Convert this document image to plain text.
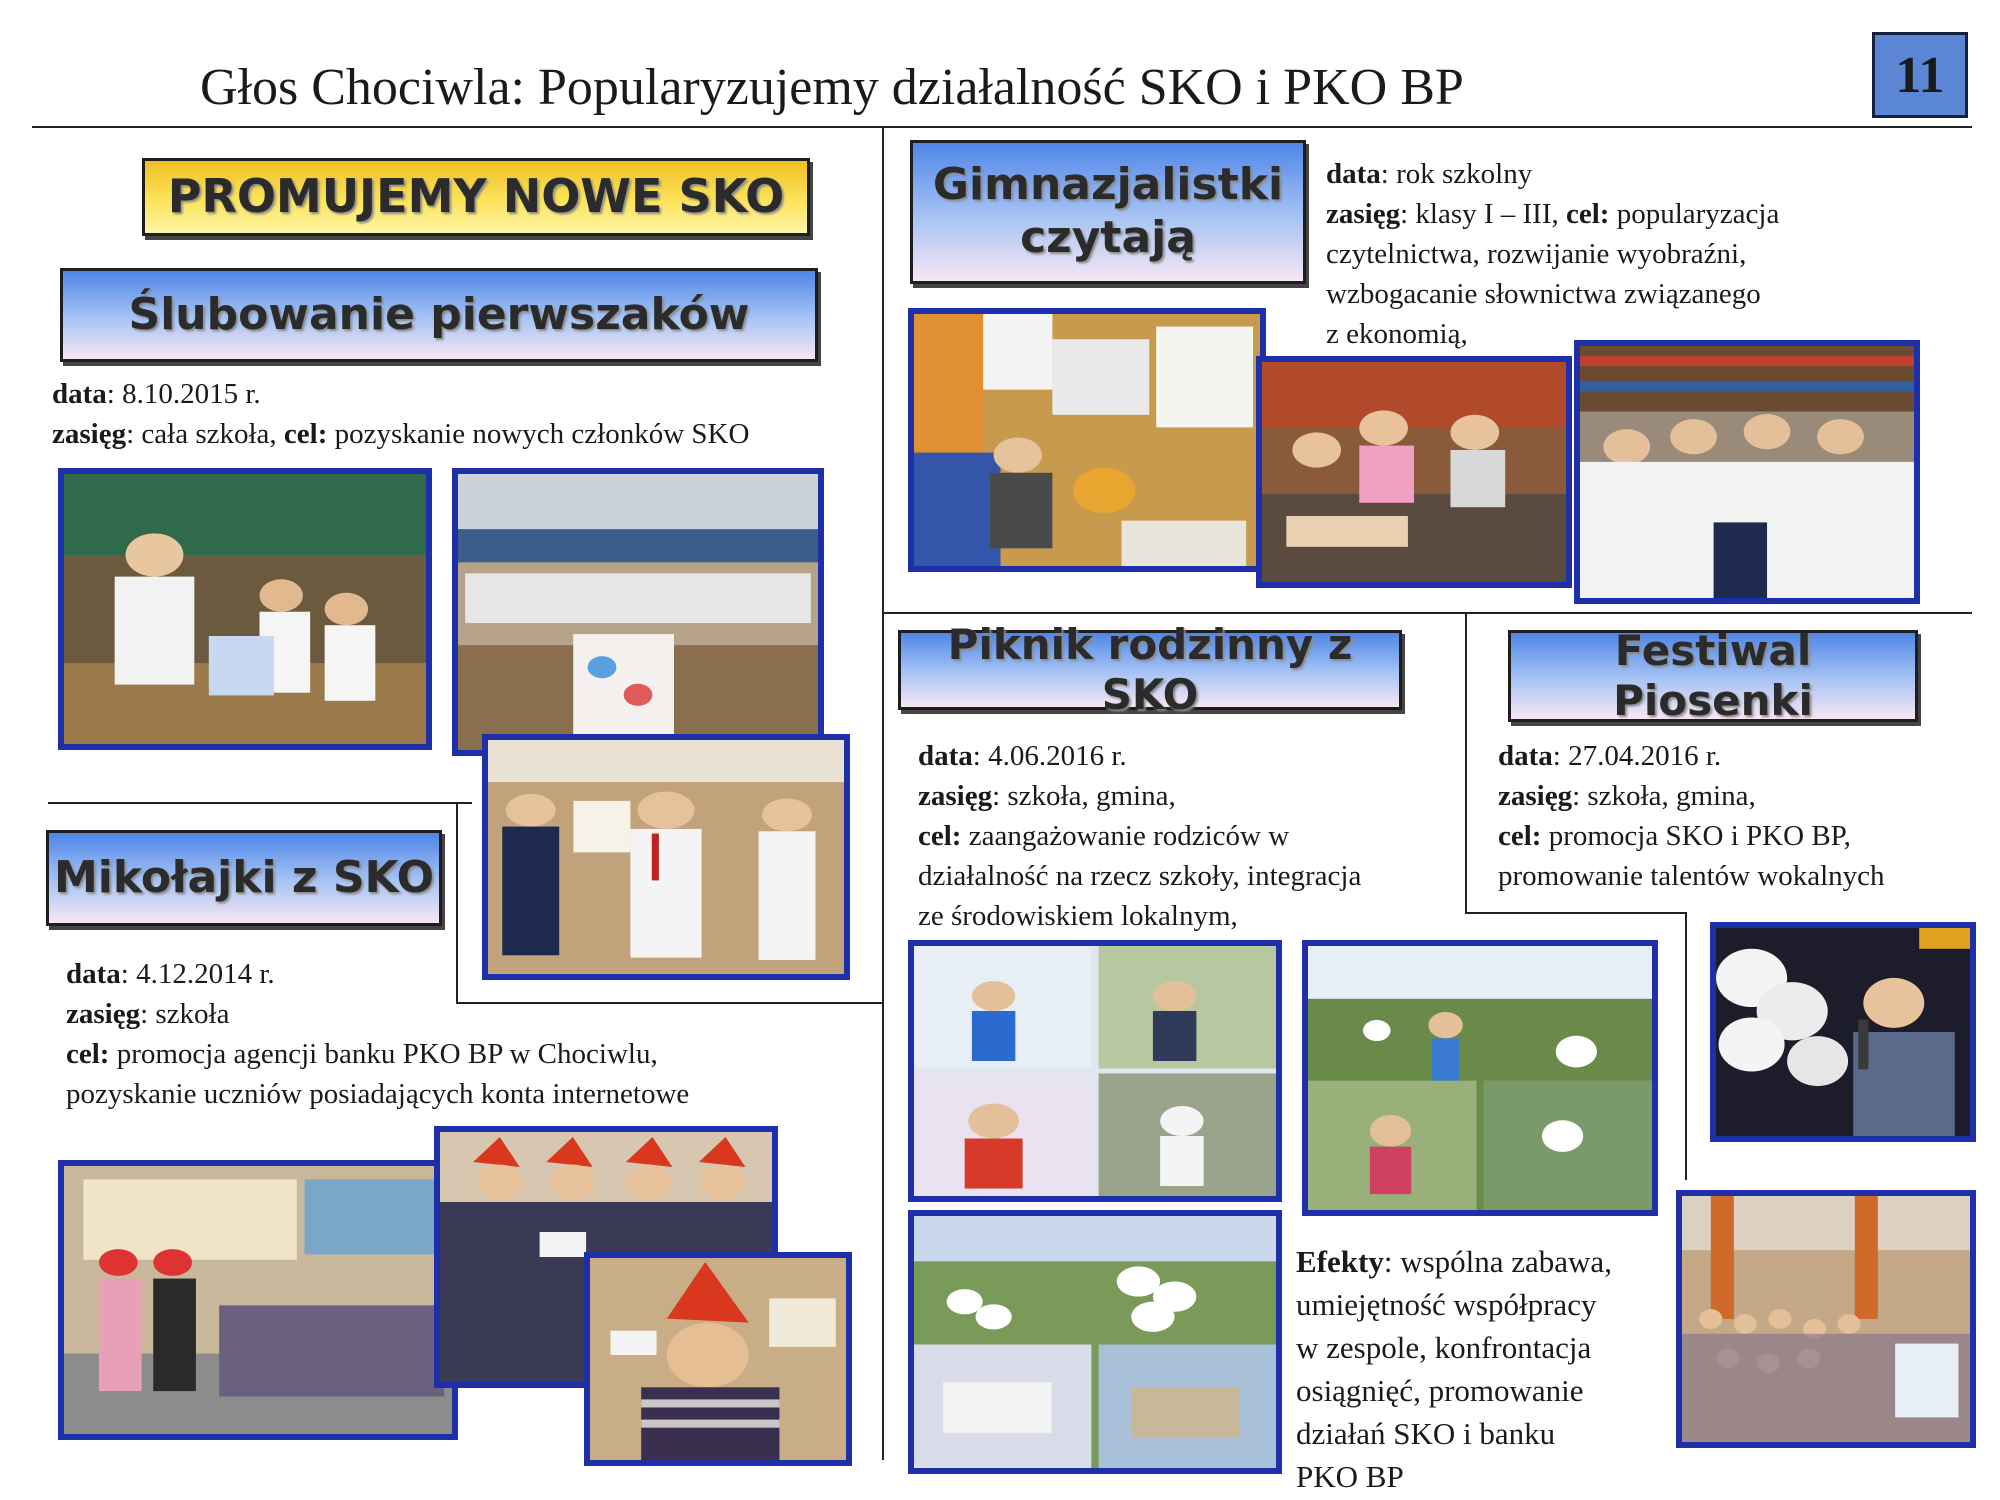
Głos Chociwla: Popularyzujemy działalność SKO i PKO BP	11
PROMUJEMY NOWE SKO
Ślubowanie pierwszaków
data: 8.10.2015 r.
zasięg: cała szkoła, cel: pozyskanie nowych członków SKO
Mikołajki z SKO
data: 4.12.2014 r.
zasięg: szkoła
cel: promocja agencji banku PKO BP w Chociwlu,
pozyskanie uczniów posiadających konta internetowe
Gimnazjalistki
czytają
data: rok szkolny
zasięg: klasy I – III, cel: popularyzacja
czytelnictwa, rozwijanie wyobraźni,
wzbogacanie słownictwa związanego
z ekonomią,
Piknik rodzinny z SKO
data: 4.06.2016 r.
zasięg: szkoła, gmina,
cel: zaangażowanie rodziców w
działalność na rzecz szkoły, integracja
ze środowiskiem lokalnym,
Efekty: wspólna zabawa,
umiejętność współpracy
w zespole, konfrontacja
osiągnięć, promowanie
działań SKO i banku
PKO BP
Festiwal Piosenki
data: 27.04.2016 r.
zasięg: szkoła, gmina,
cel: promocja SKO i PKO BP,
promowanie talentów wokalnych
